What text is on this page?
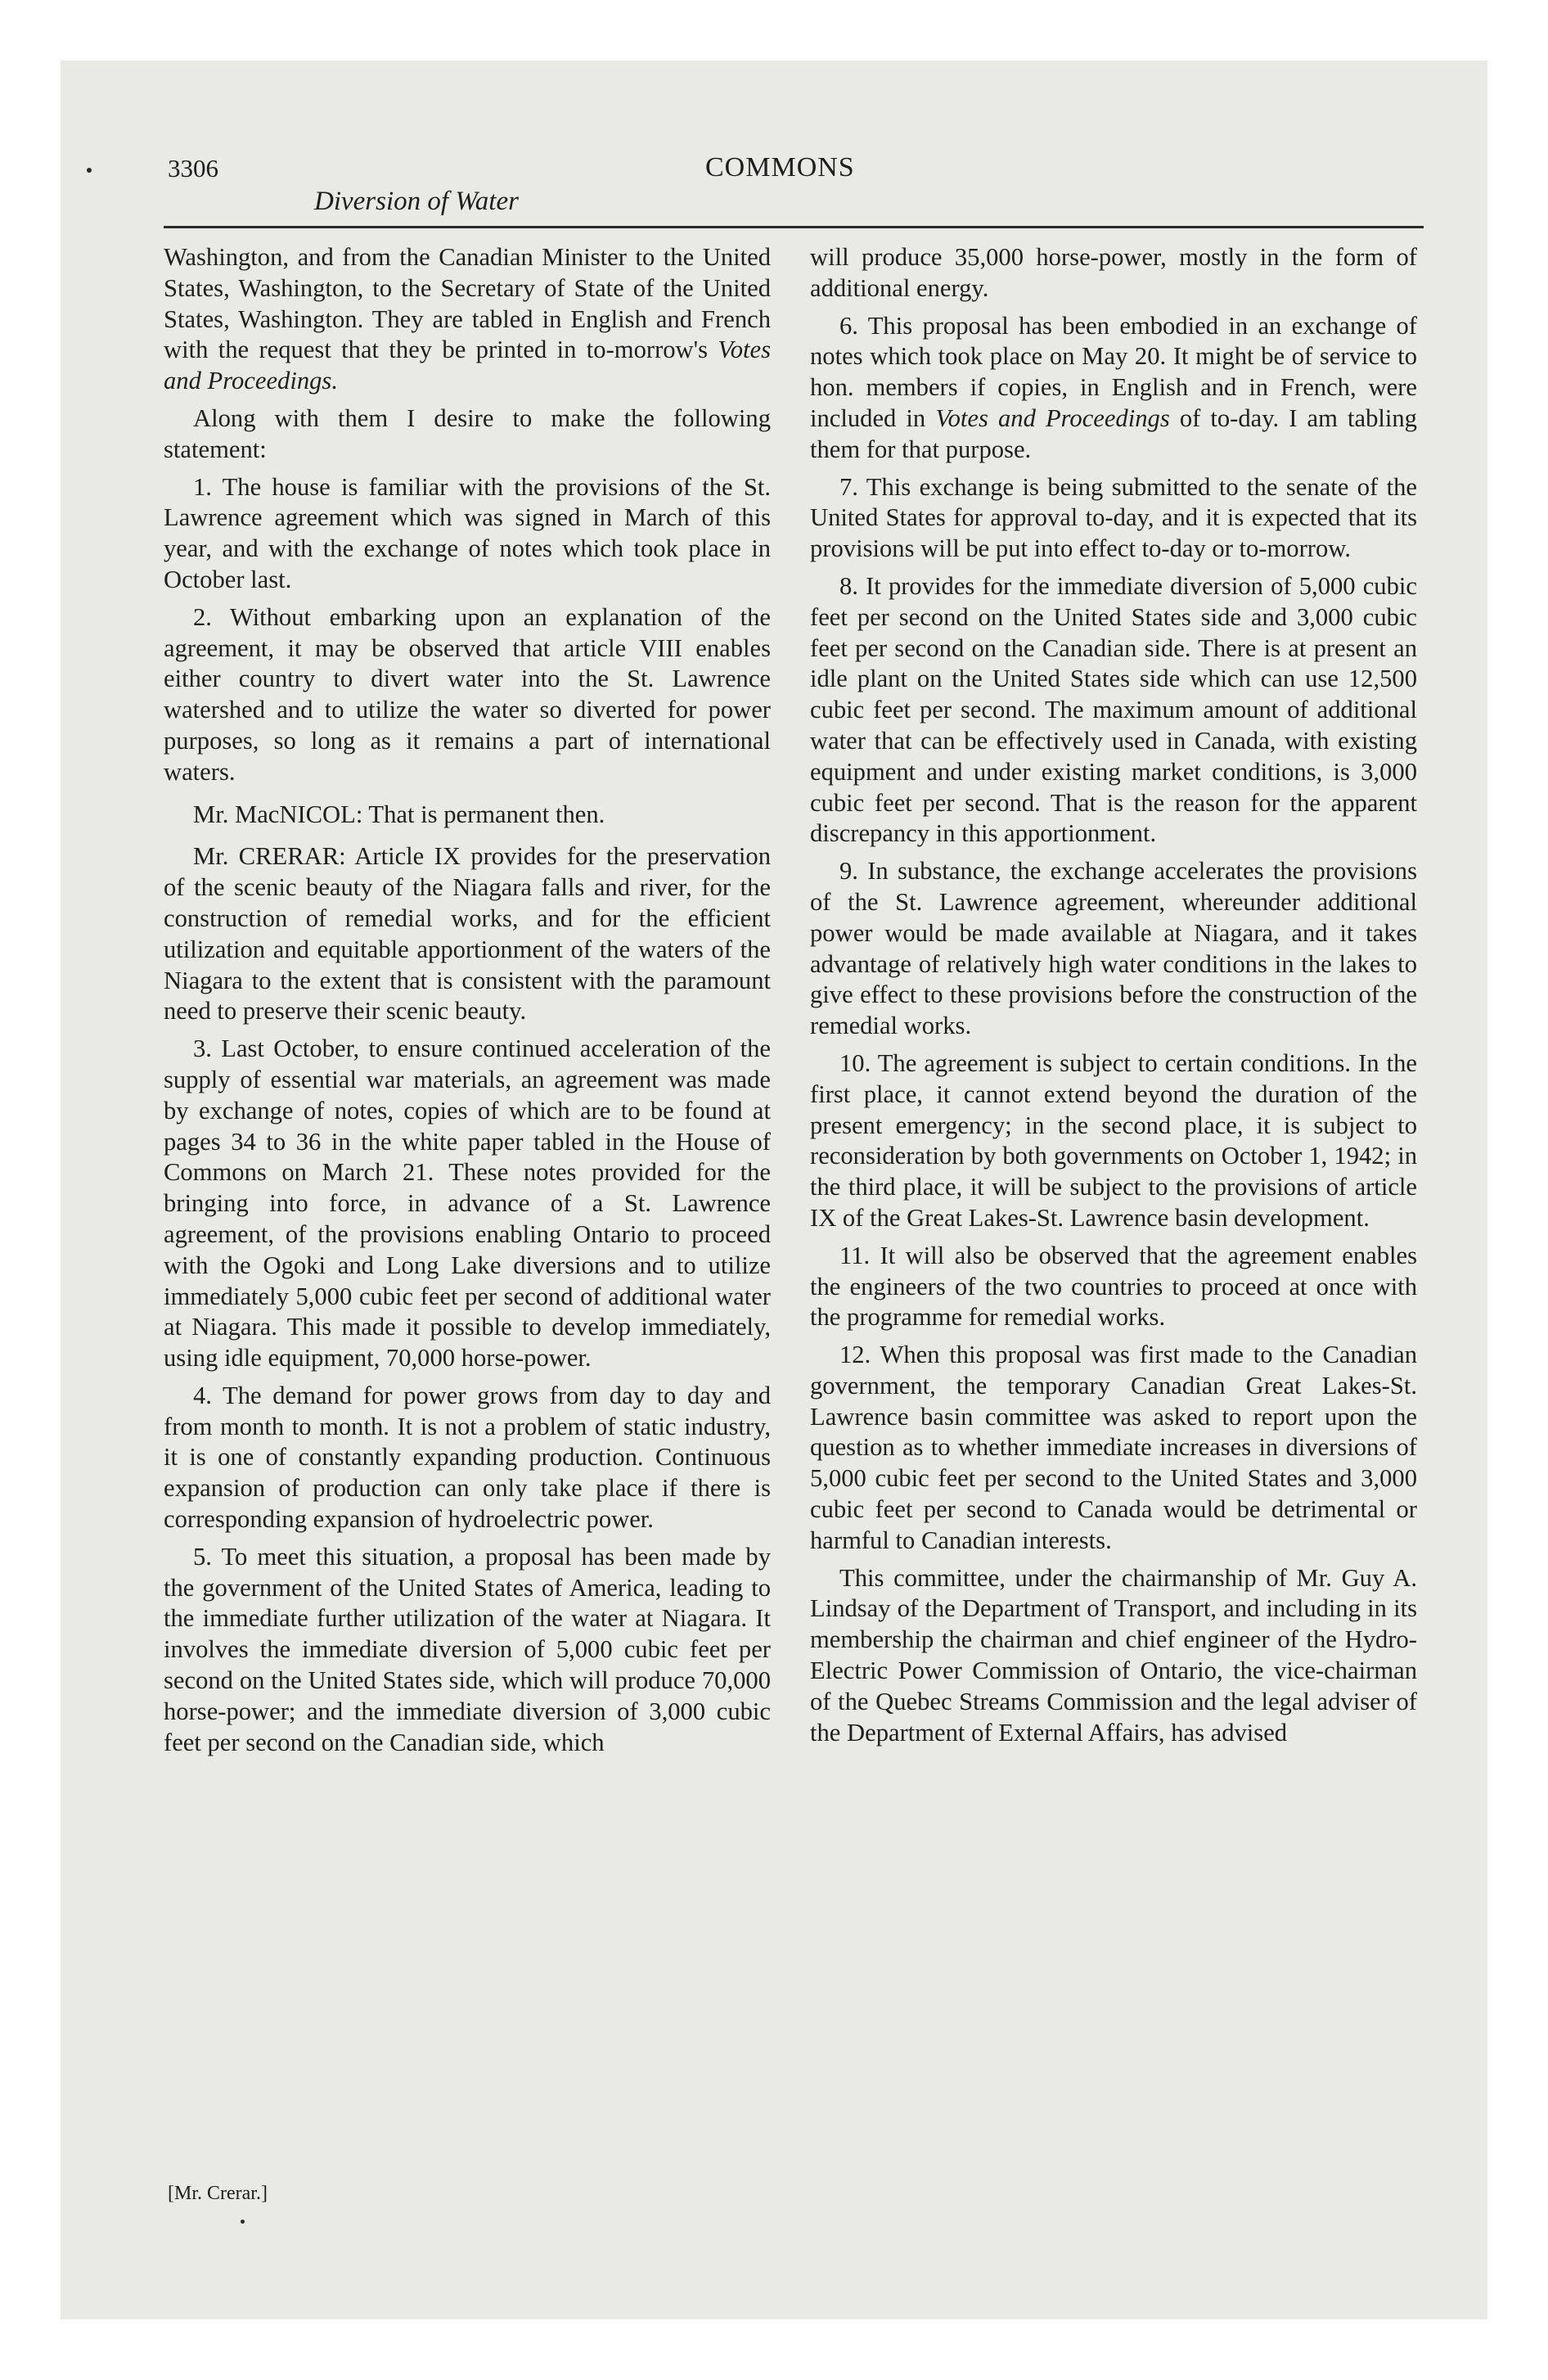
3306	COMMONS
Diversion of Water

Washington, and from the Canadian Minister to the United States, Washington, to the Secretary of State of the United States, Washington. They are tabled in English and French with the request that they be printed in to-morrow's Votes and Proceedings.

Along with them I desire to make the following statement:

1. The house is familiar with the provisions of the St. Lawrence agreement which was signed in March of this year, and with the exchange of notes which took place in October last.

2. Without embarking upon an explanation of the agreement, it may be observed that article VIII enables either country to divert water into the St. Lawrence watershed and to utilize the water so diverted for power purposes, so long as it remains a part of international waters.

Mr. MacNICOL: That is permanent then.

Mr. CRERAR: Article IX provides for the preservation of the scenic beauty of the Niagara falls and river, for the construction of remedial works, and for the efficient utilization and equitable apportionment of the waters of the Niagara to the extent that is consistent with the paramount need to preserve their scenic beauty.

3. Last October, to ensure continued acceleration of the supply of essential war materials, an agreement was made by exchange of notes, copies of which are to be found at pages 34 to 36 in the white paper tabled in the House of Commons on March 21. These notes provided for the bringing into force, in advance of a St. Lawrence agreement, of the provisions enabling Ontario to proceed with the Ogoki and Long Lake diversions and to utilize immediately 5,000 cubic feet per second of additional water at Niagara. This made it possible to develop immediately, using idle equipment, 70,000 horse-power.

4. The demand for power grows from day to day and from month to month. It is not a problem of static industry, it is one of constantly expanding production. Continuous expansion of production can only take place if there is corresponding expansion of hydroelectric power.

5. To meet this situation, a proposal has been made by the government of the United States of America, leading to the immediate further utilization of the water at Niagara. It involves the immediate diversion of 5,000 cubic feet per second on the United States side, which will produce 70,000 horse-power; and the immediate diversion of 3,000 cubic feet per second on the Canadian side, which

will produce 35,000 horse-power, mostly in the form of additional energy.

6. This proposal has been embodied in an exchange of notes which took place on May 20. It might be of service to hon. members if copies, in English and in French, were included in Votes and Proceedings of to-day. I am tabling them for that purpose.

7. This exchange is being submitted to the senate of the United States for approval to-day, and it is expected that its provisions will be put into effect to-day or to-morrow.

8. It provides for the immediate diversion of 5,000 cubic feet per second on the United States side and 3,000 cubic feet per second on the Canadian side. There is at present an idle plant on the United States side which can use 12,500 cubic feet per second. The maximum amount of additional water that can be effectively used in Canada, with existing equipment and under existing market conditions, is 3,000 cubic feet per second. That is the reason for the apparent discrepancy in this apportionment.

9. In substance, the exchange accelerates the provisions of the St. Lawrence agreement, whereunder additional power would be made available at Niagara, and it takes advantage of relatively high water conditions in the lakes to give effect to these provisions before the construction of the remedial works.

10. The agreement is subject to certain conditions. In the first place, it cannot extend beyond the duration of the present emergency; in the second place, it is subject to reconsideration by both governments on October 1, 1942; in the third place, it will be subject to the provisions of article IX of the Great Lakes-St. Lawrence basin development.

11. It will also be observed that the agreement enables the engineers of the two countries to proceed at once with the programme for remedial works.

12. When this proposal was first made to the Canadian government, the temporary Canadian Great Lakes-St. Lawrence basin committee was asked to report upon the question as to whether immediate increases in diversions of 5,000 cubic feet per second to the United States and 3,000 cubic feet per second to Canada would be detrimental or harmful to Canadian interests.

This committee, under the chairmanship of Mr. Guy A. Lindsay of the Department of Transport, and including in its membership the chairman and chief engineer of the Hydro-Electric Power Commission of Ontario, the vice-chairman of the Quebec Streams Commission and the legal adviser of the Department of External Affairs, has advised

[Mr. Crerar.]
